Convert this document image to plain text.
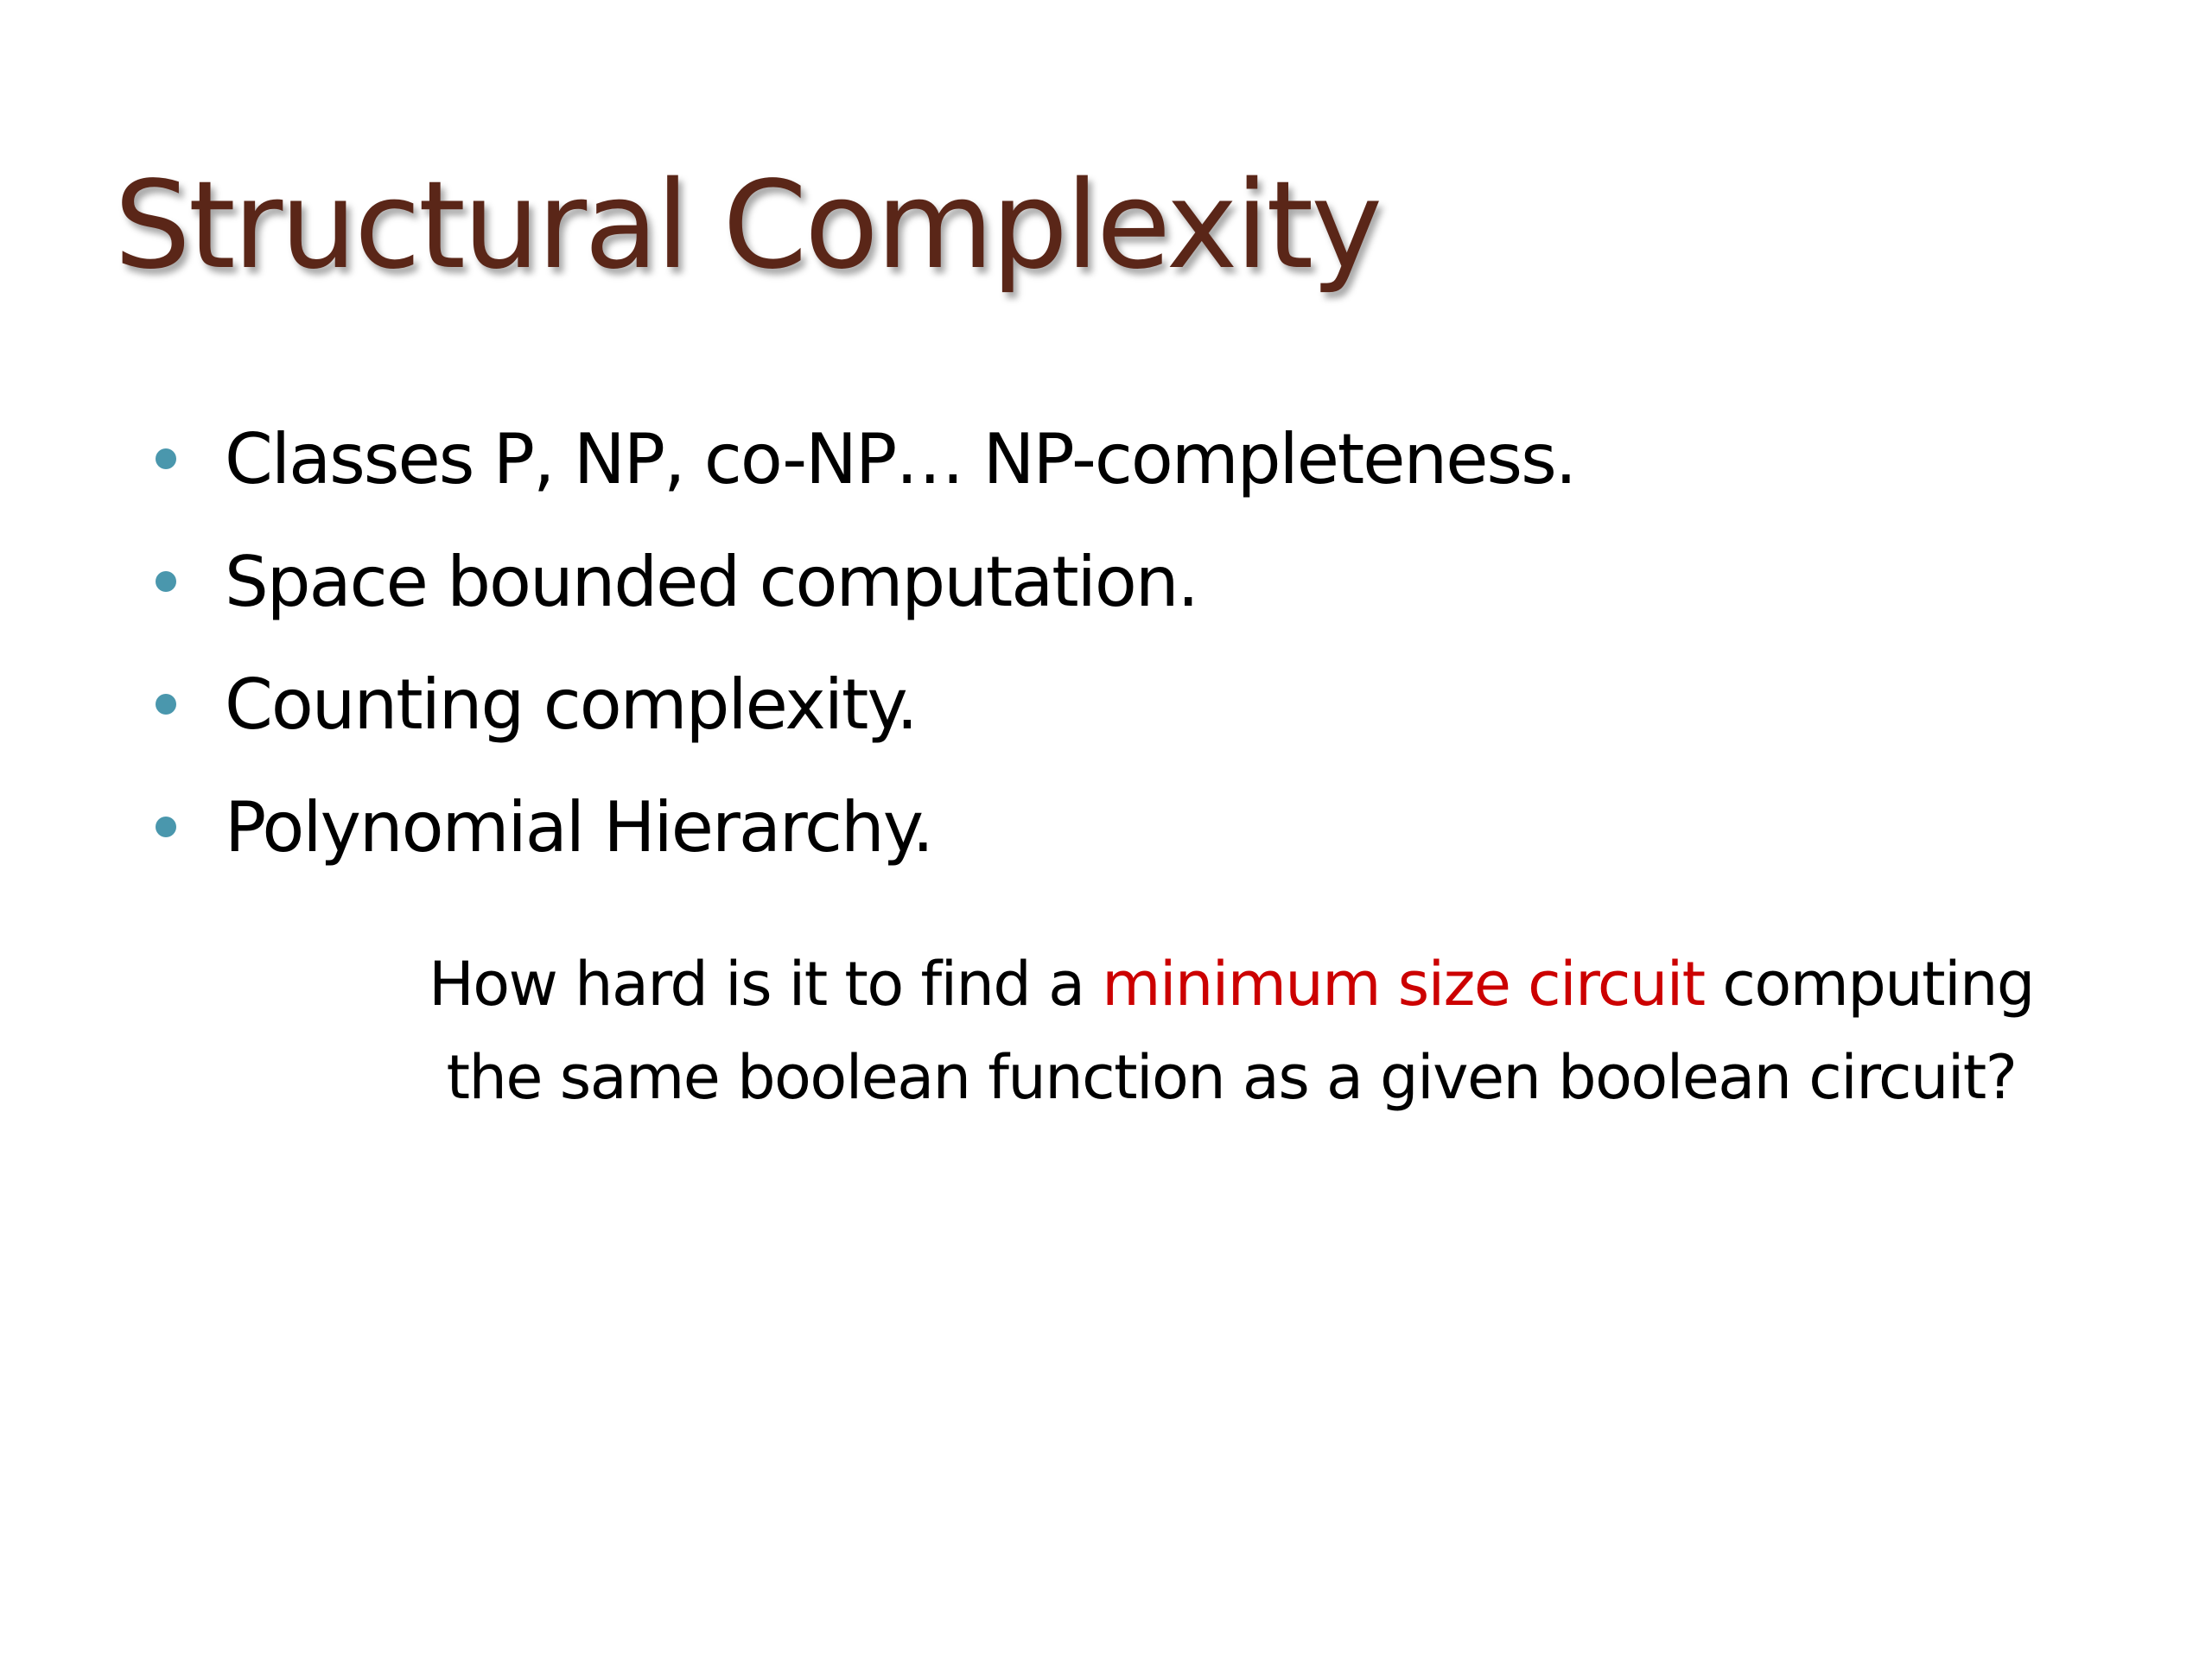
Structural Complexity
Classes P, NP, co-NP… NP-completeness.
Space bounded computation.
Counting complexity.
Polynomial Hierarchy.

How hard is it to find a minimum size circuit computing
the same boolean function as a given boolean circuit?
